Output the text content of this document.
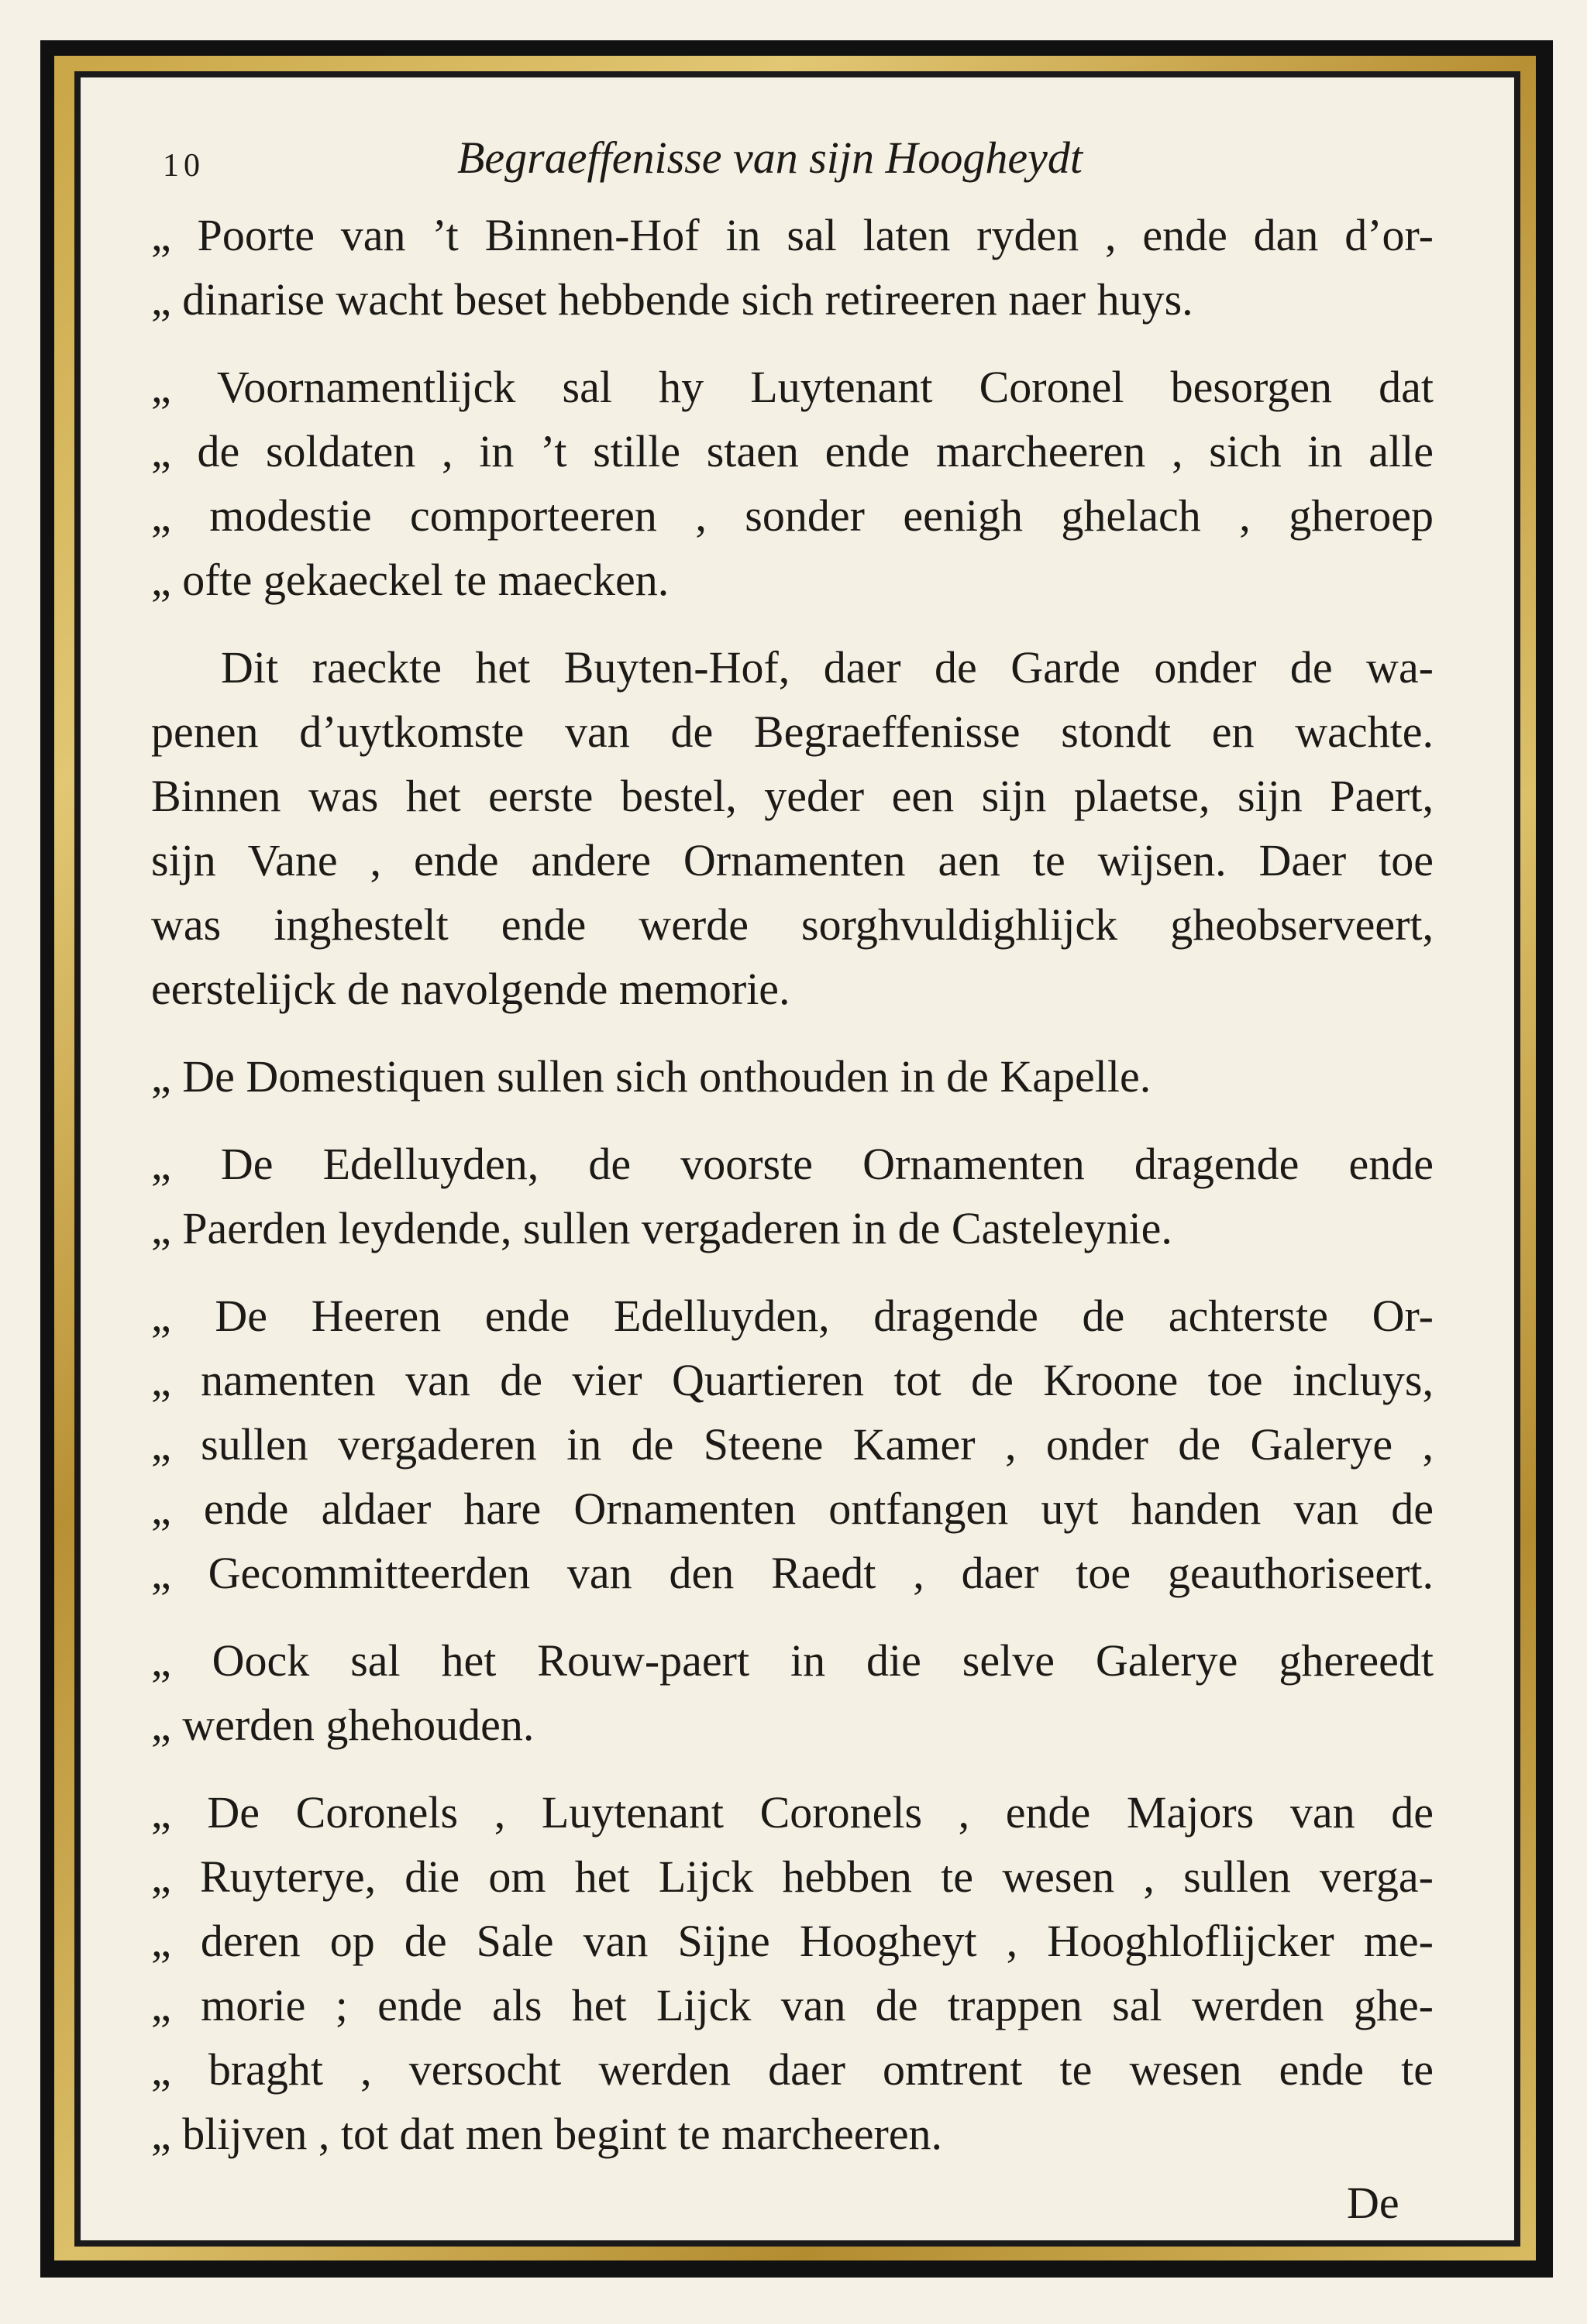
10	Begraeffenisse van sijn Hoogheydt
„ Poorte van ’t Binnen-Hof in sal laten ryden , ende dan d’or-
„ dinarise wacht beset hebbende sich retireeren naer huys.
„ Voornamentlijck sal hy Luytenant Coronel besorgen dat
„ de soldaten , in ’t stille staen ende marcheeren , sich in alle
„ modestie comporteeren , sonder eenigh ghelach , gheroep
„ ofte gekaeckel te maecken.
Dit raeckte het Buyten-Hof, daer de Garde onder de wa-
penen d’uytkomste van de Begraeffenisse stondt en wachte.
Binnen was het eerste bestel, yeder een sijn plaetse, sijn Paert,
sijn Vane , ende andere Ornamenten aen te wijsen. Daer toe
was inghestelt ende werde sorghvuldighlijck gheobserveert,
eerstelijck de navolgende memorie.
„ De Domestiquen sullen sich onthouden in de Kapelle.
„ De Edelluyden, de voorste Ornamenten dragende ende
„ Paerden leydende, sullen vergaderen in de Casteleynie.
„ De Heeren ende Edelluyden, dragende de achterste Or-
„ namenten van de vier Quartieren tot de Kroone toe incluys,
„ sullen vergaderen in de Steene Kamer , onder de Galerye ,
„ ende aldaer hare Ornamenten ontfangen uyt handen van de
„ Gecommitteerden van den Raedt , daer toe geauthoriseert.
„ Oock sal het Rouw-paert in die selve Galerye ghereedt
„ werden ghehouden.
„ De Coronels , Luytenant Coronels , ende Majors van de
„ Ruyterye, die om het Lijck hebben te wesen , sullen verga-
„ deren op de Sale van Sijne Hoogheyt , Hooghloflijcker me-
„ morie ; ende als het Lijck van de trappen sal werden ghe-
„ braght , versocht werden daer omtrent te wesen ende te
„ blijven , tot dat men begint te marcheeren.
De
